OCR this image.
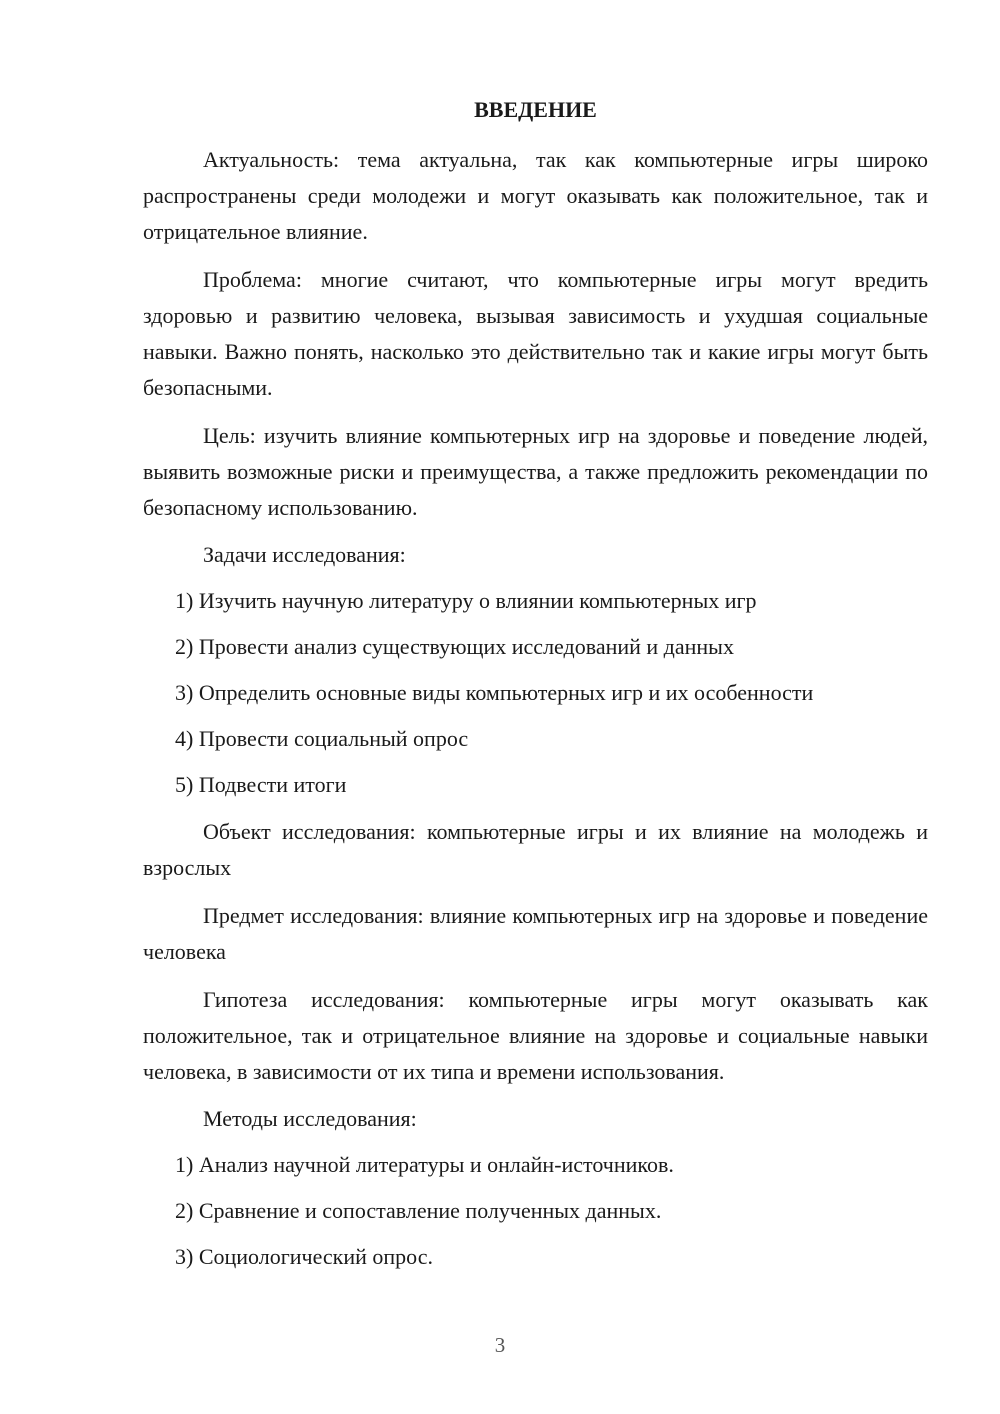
ВВЕДЕНИЕ

Актуальность: тема актуальна, так как компьютерные игры широко распространены среди молодежи и могут оказывать как положительное, так и отрицательное влияние.

Проблема: многие считают, что компьютерные игры могут вредить здоровью и развитию человека, вызывая зависимость и ухудшая социальные навыки. Важно понять, насколько это действительно так и какие игры могут быть безопасными.

Цель: изучить влияние компьютерных игр на здоровье и поведение людей, выявить возможные риски и преимущества, а также предложить рекомендации по безопасному использованию.

Задачи исследования:
1) Изучить научную литературу о влиянии компьютерных игр
2) Провести анализ существующих исследований и данных
3) Определить основные виды компьютерных игр и их особенности
4) Провести социальный опрос
5) Подвести итоги

Объект исследования: компьютерные игры и их влияние на молодежь и взрослых

Предмет исследования: влияние компьютерных игр на здоровье и поведение человека

Гипотеза исследования: компьютерные игры могут оказывать как положительное, так и отрицательное влияние на здоровье и социальные навыки человека, в зависимости от их типа и времени использования.

Методы исследования:
1) Анализ научной литературы и онлайн-источников.
2) Сравнение и сопоставление полученных данных.
3) Социологический опрос.
3
